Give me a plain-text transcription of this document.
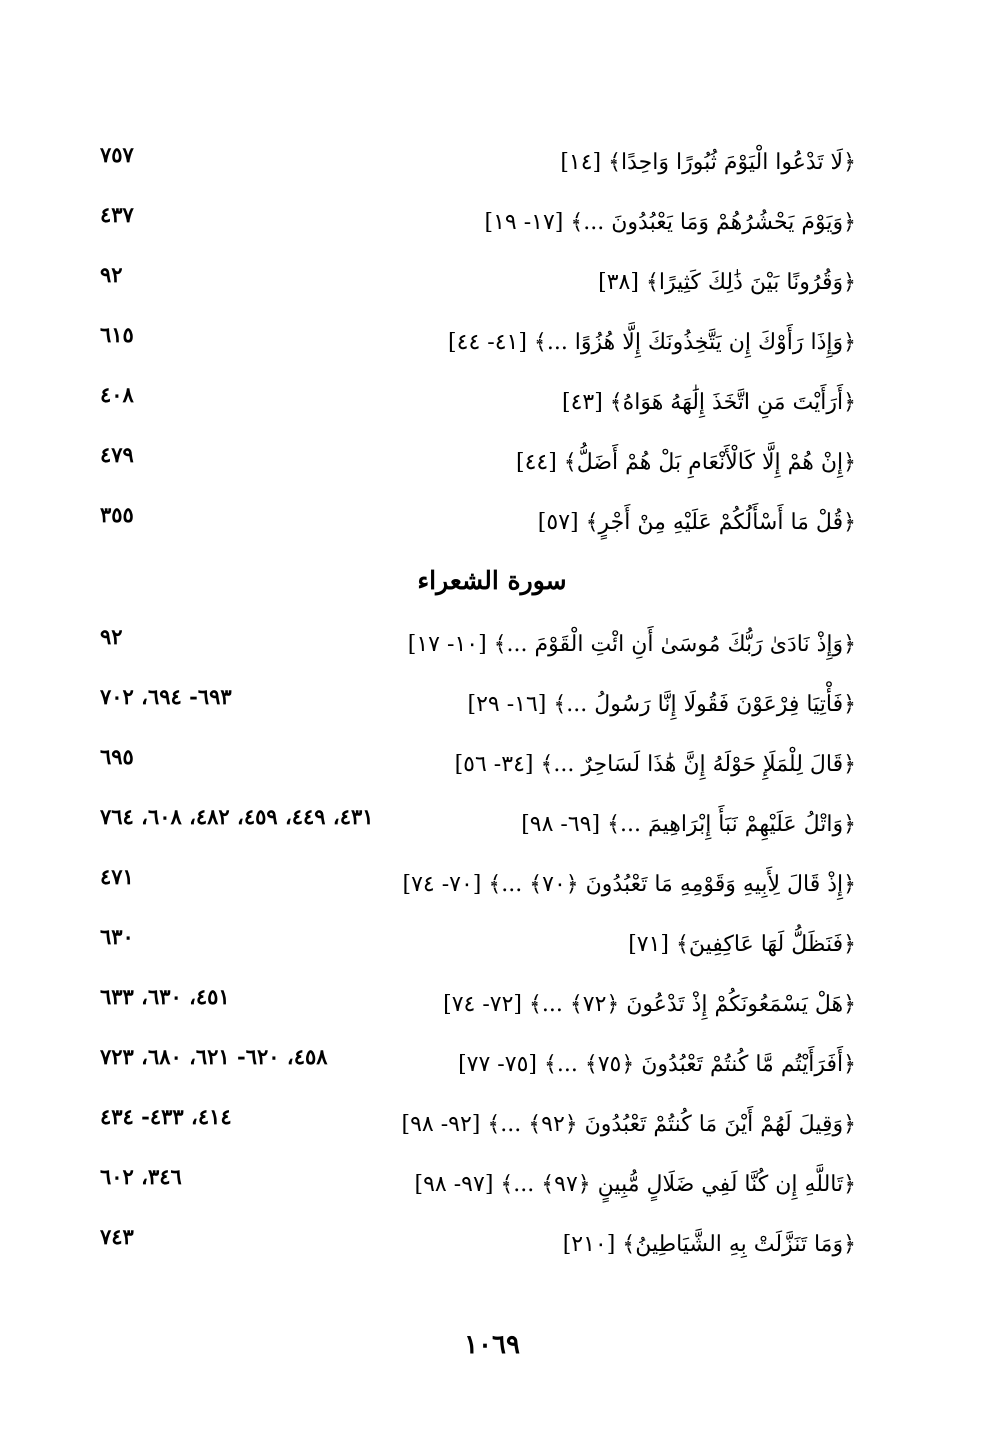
﴿لَا تَدْعُوا الْيَوْمَ ثُبُورًا وَاحِدًا﴾ [١٤]
٧٥٧
﴿وَيَوْمَ يَحْشُرُهُمْ وَمَا يَعْبُدُونَ ...﴾ [١٧- ١٩]
٤٣٧
﴿وَقُرُونًا بَيْنَ ذَٰلِكَ كَثِيرًا﴾ [٣٨]
٩٢
﴿وَإِذَا رَأَوْكَ إِن يَتَّخِذُونَكَ إِلَّا هُزُوًا ...﴾ [٤١- ٤٤]
٦١٥
﴿أَرَأَيْتَ مَنِ اتَّخَذَ إِلَٰهَهُ هَوَاهُ﴾ [٤٣]
٤٠٨
﴿إِنْ هُمْ إِلَّا كَالْأَنْعَامِ بَلْ هُمْ أَضَلُّ﴾ [٤٤]
٤٧٩
﴿قُلْ مَا أَسْأَلُكُمْ عَلَيْهِ مِنْ أَجْرٍ﴾ [٥٧]
٣٥٥
سورة الشعراء
﴿وَإِذْ نَادَىٰ رَبُّكَ مُوسَىٰ أَنِ ائْتِ الْقَوْمَ ...﴾ [١٠- ١٧]
٩٢
﴿فَأْتِيَا فِرْعَوْنَ فَقُولَا إِنَّا رَسُولُ ...﴾ [١٦- ٢٩]
٦٩٣- ٦٩٤، ٧٠٢
﴿قَالَ لِلْمَلَإِ حَوْلَهُ إِنَّ هَٰذَا لَسَاحِرٌ ...﴾ [٣٤- ٥٦]
٦٩٥
﴿وَاتْلُ عَلَيْهِمْ نَبَأَ إِبْرَاهِيمَ ...﴾ [٦٩- ٩٨]
٤٣١، ٤٤٩، ٤٥٩، ٤٨٢، ٦٠٨، ٧٦٤
﴿إِذْ قَالَ لِأَبِيهِ وَقَوْمِهِ مَا تَعْبُدُونَ ﴿٧٠﴾ ...﴾ [٧٠- ٧٤]
٤٧١
﴿فَنَظَلُّ لَهَا عَاكِفِينَ﴾ [٧١]
٦٣٠
﴿هَلْ يَسْمَعُونَكُمْ إِذْ تَدْعُونَ ﴿٧٢﴾ ...﴾ [٧٢- ٧٤]
٤٥١، ٦٣٠، ٦٣٣
﴿أَفَرَأَيْتُم مَّا كُنتُمْ تَعْبُدُونَ ﴿٧٥﴾ ...﴾ [٧٥- ٧٧]
٤٥٨، ٦٢٠- ٦٢١، ٦٨٠، ٧٢٣
﴿وَقِيلَ لَهُمْ أَيْنَ مَا كُنتُمْ تَعْبُدُونَ ﴿٩٢﴾ ...﴾ [٩٢- ٩٨]
٤١٤، ٤٣٣- ٤٣٤
﴿تَاللَّهِ إِن كُنَّا لَفِي ضَلَالٍ مُّبِينٍ ﴿٩٧﴾ ...﴾ [٩٧- ٩٨]
٣٤٦، ٦٠٢
﴿وَمَا تَنَزَّلَتْ بِهِ الشَّيَاطِينُ﴾ [٢١٠]
٧٤٣
١٠٦٩
